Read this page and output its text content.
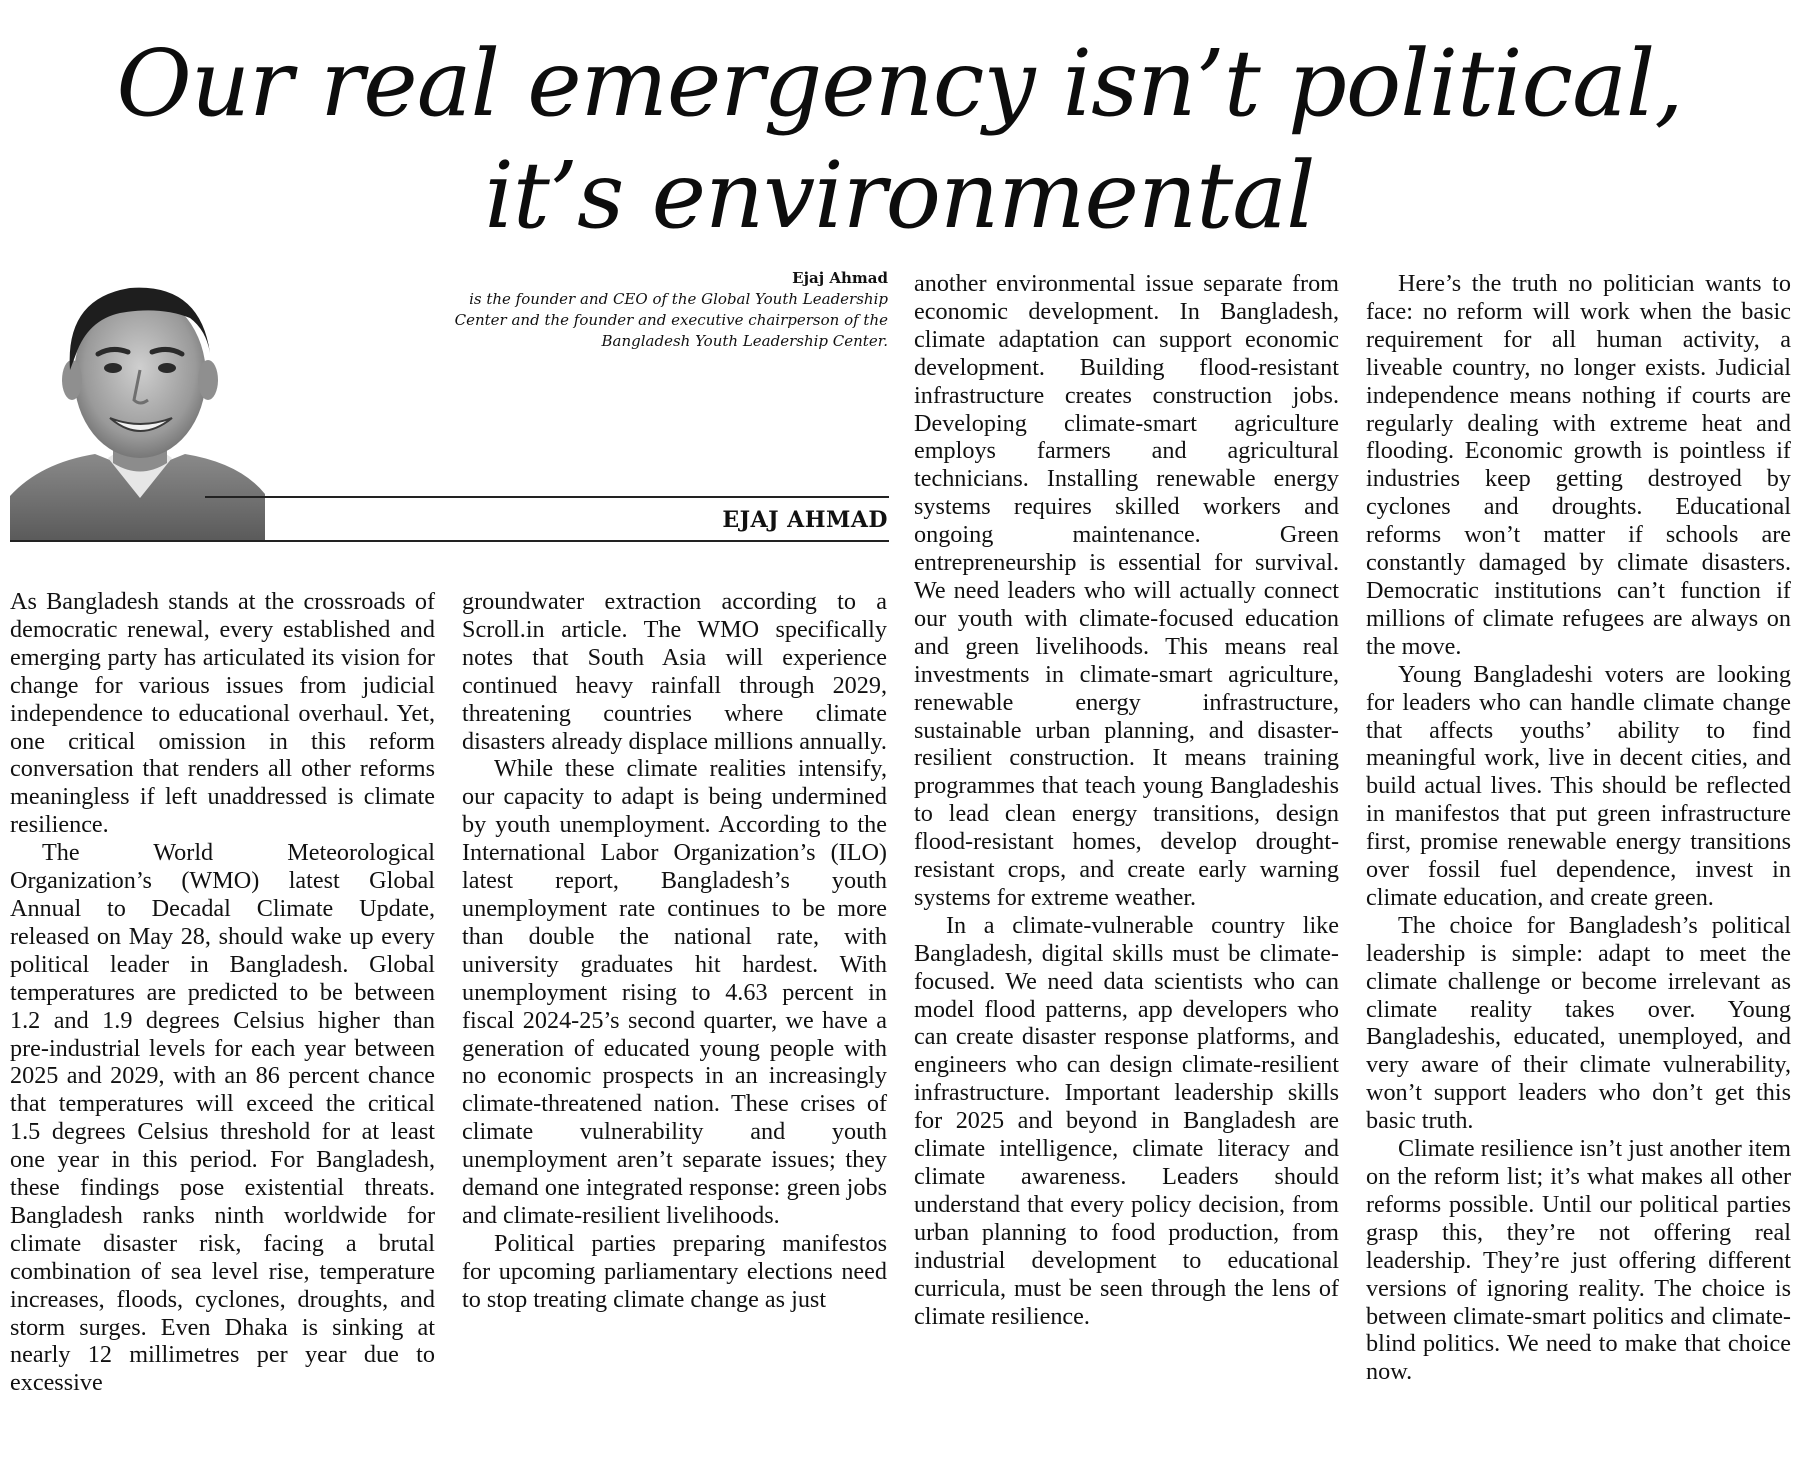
Our real emergency isn’t political,
it’s environmental
Ejaj Ahmad
is the founder and CEO of the Global Youth Leadership Center and the founder and executive chairperson of the Bangladesh Youth Leadership Center.
EJAJ AHMAD

As Bangladesh stands at the crossroads of democratic renewal, every established and emerging party has articulated its vision for change for various issues from judicial independence to educational overhaul. Yet, one critical omission in this reform conversation that renders all other reforms meaningless if left unaddressed is climate resilience.

The World Meteorological Organization’s (WMO) latest Global Annual to Decadal Climate Update, released on May 28, should wake up every political leader in Bangladesh. Global temperatures are predicted to be between 1.2 and 1.9 degrees Celsius higher than pre-industrial levels for each year between 2025 and 2029, with an 86 percent chance that temperatures will exceed the critical 1.5 degrees Celsius threshold for at least one year in this period. For Bangladesh, these findings pose existential threats. Bangladesh ranks ninth worldwide for climate disaster risk, facing a brutal combination of sea level rise, temperature increases, floods, cyclones, droughts, and storm surges. Even Dhaka is sinking at nearly 12 millimetres per year due to excessive

groundwater extraction according to a Scroll.in article. The WMO specifically notes that South Asia will experience continued heavy rainfall through 2029, threatening countries where climate disasters already displace millions annually.

While these climate realities intensify, our capacity to adapt is being undermined by youth unemployment. According to the International Labor Organization’s (ILO) latest report, Bangladesh’s youth unemployment rate continues to be more than double the national rate, with university graduates hit hardest. With unemployment rising to 4.63 percent in fiscal 2024-25’s second quarter, we have a generation of educated young people with no economic prospects in an increasingly climate-threatened nation. These crises of climate vulnerability and youth unemployment aren’t separate issues; they demand one integrated response: green jobs and climate-resilient livelihoods.

Political parties preparing manifestos for upcoming parliamentary elections need to stop treating climate change as just

another environmental issue separate from economic development. In Bangladesh, climate adaptation can support economic development. Building flood-resistant infrastructure creates construction jobs. Developing climate-smart agriculture employs farmers and agricultural technicians. Installing renewable energy systems requires skilled workers and ongoing maintenance. Green entrepreneurship is essential for survival. We need leaders who will actually connect our youth with climate-focused education and green livelihoods. This means real investments in climate-smart agriculture, renewable energy infrastructure, sustainable urban planning, and disaster-resilient construction. It means training programmes that teach young Bangladeshis to lead clean energy transitions, design flood-resistant homes, develop drought-resistant crops, and create early warning systems for extreme weather.

In a climate-vulnerable country like Bangladesh, digital skills must be climate-focused. We need data scientists who can model flood patterns, app developers who can create disaster response platforms, and engineers who can design climate-resilient infrastructure. Important leadership skills for 2025 and beyond in Bangladesh are climate intelligence, climate literacy and climate awareness. Leaders should understand that every policy decision, from urban planning to food production, from industrial development to educational curricula, must be seen through the lens of climate resilience.

Here’s the truth no politician wants to face: no reform will work when the basic requirement for all human activity, a liveable country, no longer exists. Judicial independence means nothing if courts are regularly dealing with extreme heat and flooding. Economic growth is pointless if industries keep getting destroyed by cyclones and droughts. Educational reforms won’t matter if schools are constantly damaged by climate disasters. Democratic institutions can’t function if millions of climate refugees are always on the move.

Young Bangladeshi voters are looking for leaders who can handle climate change that affects youths’ ability to find meaningful work, live in decent cities, and build actual lives. This should be reflected in manifestos that put green infrastructure first, promise renewable energy transitions over fossil fuel dependence, invest in climate education, and create green.

The choice for Bangladesh’s political leadership is simple: adapt to meet the climate challenge or become irrelevant as climate reality takes over. Young Bangladeshis, educated, unemployed, and very aware of their climate vulnerability, won’t support leaders who don’t get this basic truth.

Climate resilience isn’t just another item on the reform list; it’s what makes all other reforms possible. Until our political parties grasp this, they’re not offering real leadership. They’re just offering different versions of ignoring reality. The choice is between climate-smart politics and climate-blind politics. We need to make that choice now.
